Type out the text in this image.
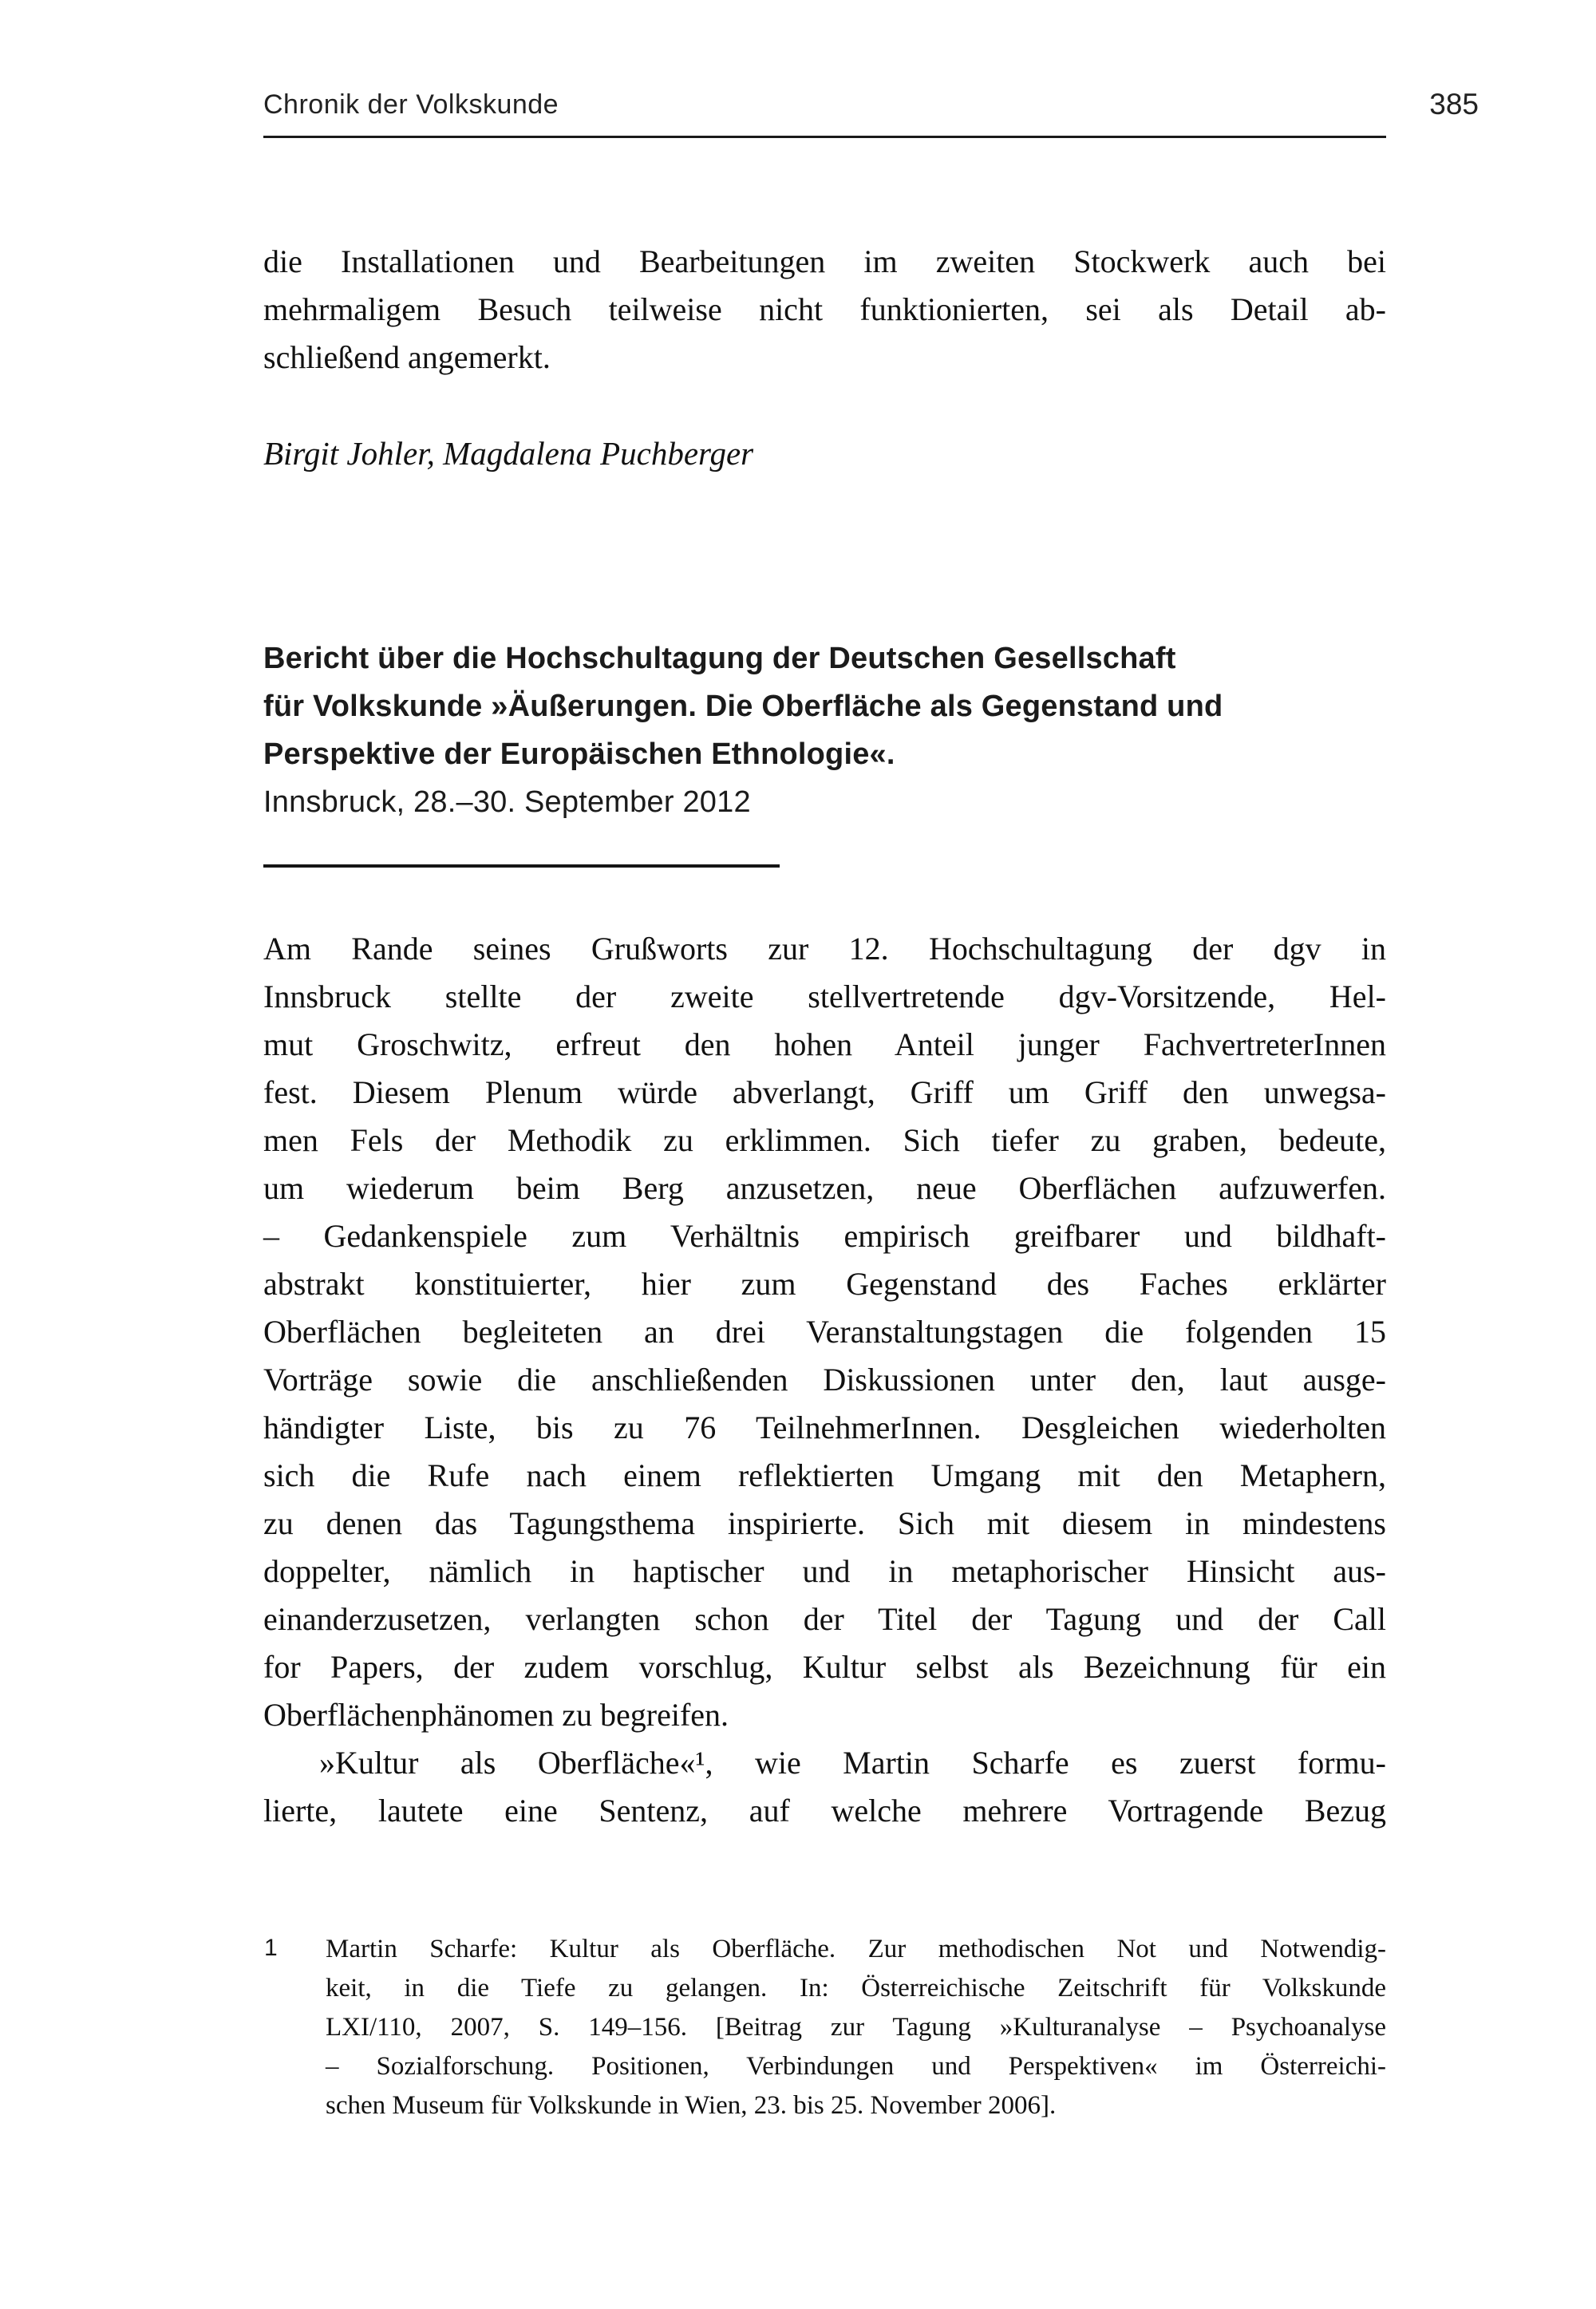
Chronik der Volkskunde	385
die Installationen und Bearbeitungen im zweiten Stockwerk auch bei
mehrmaligem Besuch teilweise nicht funktionierten, sei als Detail ab-
schließend angemerkt.
Birgit Johler, Magdalena Puchberger
Bericht über die Hochschultagung der Deutschen Gesellschaft
für Volkskunde »Äußerungen. Die Oberfläche als Gegenstand und
Perspektive der Europäischen Ethnologie«.
Innsbruck, 28.–30. September 2012
Am Rande seines Grußworts zur 12. Hochschultagung der dgv in
Innsbruck stellte der zweite stellvertretende dgv-Vorsitzende, Hel-
mut Groschwitz, erfreut den hohen Anteil junger FachvertreterInnen
fest. Diesem Plenum würde abverlangt, Griff um Griff den unwegsa-
men Fels der Methodik zu erklimmen. Sich tiefer zu graben, bedeute,
um wiederum beim Berg anzusetzen, neue Oberflächen aufzuwerfen.
– Gedankenspiele zum Verhältnis empirisch greifbarer und bildhaft-
abstrakt konstituierter, hier zum Gegenstand des Faches erklärter
Oberflächen begleiteten an drei Veranstaltungstagen die folgenden 15
Vorträge sowie die anschließenden Diskussionen unter den, laut ausge-
händigter Liste, bis zu 76 TeilnehmerInnen. Desgleichen wiederholten
sich die Rufe nach einem reflektierten Umgang mit den Metaphern,
zu denen das Tagungsthema inspirierte. Sich mit diesem in mindestens
doppelter, nämlich in haptischer und in metaphorischer Hinsicht aus-
einanderzusetzen, verlangten schon der Titel der Tagung und der Call
for Papers, der zudem vorschlug, Kultur selbst als Bezeichnung für ein
Oberflächenphänomen zu begreifen.
»Kultur als Oberfläche«¹, wie Martin Scharfe es zuerst formu-
lierte, lautete eine Sentenz, auf welche mehrere Vortragende Bezug
1 Martin Scharfe: Kultur als Oberfläche. Zur methodischen Not und Notwendig-
keit, in die Tiefe zu gelangen. In: Österreichische Zeitschrift für Volkskunde
LXI/110, 2007, S. 149–156. [Beitrag zur Tagung »Kulturanalyse – Psychoanalyse
– Sozialforschung. Positionen, Verbindungen und Perspektiven« im Österreichi-
schen Museum für Volkskunde in Wien, 23. bis 25. November 2006].
